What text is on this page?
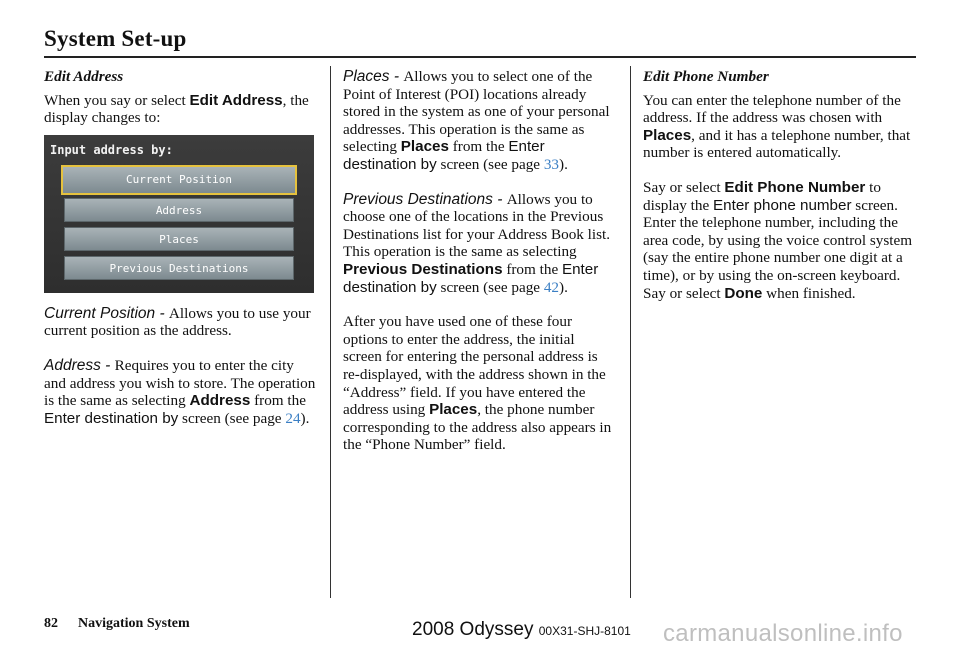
System Set-up
Edit Address
When you say or select Edit Address, the display changes to:
Input address by:
Current Position
Address
Places
Previous Destinations

Current Position - Allows you to use your current position as the address.

Address - Requires you to enter the city and address you wish to store. The operation is the same as selecting Address from the Enter destination by screen (see page 24).

Places - Allows you to select one of the Point of Interest (POI) locations already stored in the system as one of your personal addresses. This operation is the same as selecting Places from the Enter destination by screen (see page 33).

Previous Destinations - Allows you to choose one of the locations in the Previous Destinations list for your Address Book list. This operation is the same as selecting Previous Destinations from the Enter destination by screen (see page 42).

After you have used one of these four options to enter the address, the initial screen for entering the personal address is re-displayed, with the address shown in the “Address” field. If you have entered the address using Places, the phone number corresponding to the address also appears in the “Phone Number” field.

Edit Phone Number

You can enter the telephone number of the address. If the address was chosen with Places, and it has a telephone number, that number is entered automatically.

Say or select Edit Phone Number to display the Enter phone number screen. Enter the telephone number, including the area code, by using the voice control system (say the entire phone number one digit at a time), or by using the on-screen keyboard. Say or select Done when finished.

82 Navigation System	2008 Odyssey 00X31-SHJ-8101 carmanualsonline.info
